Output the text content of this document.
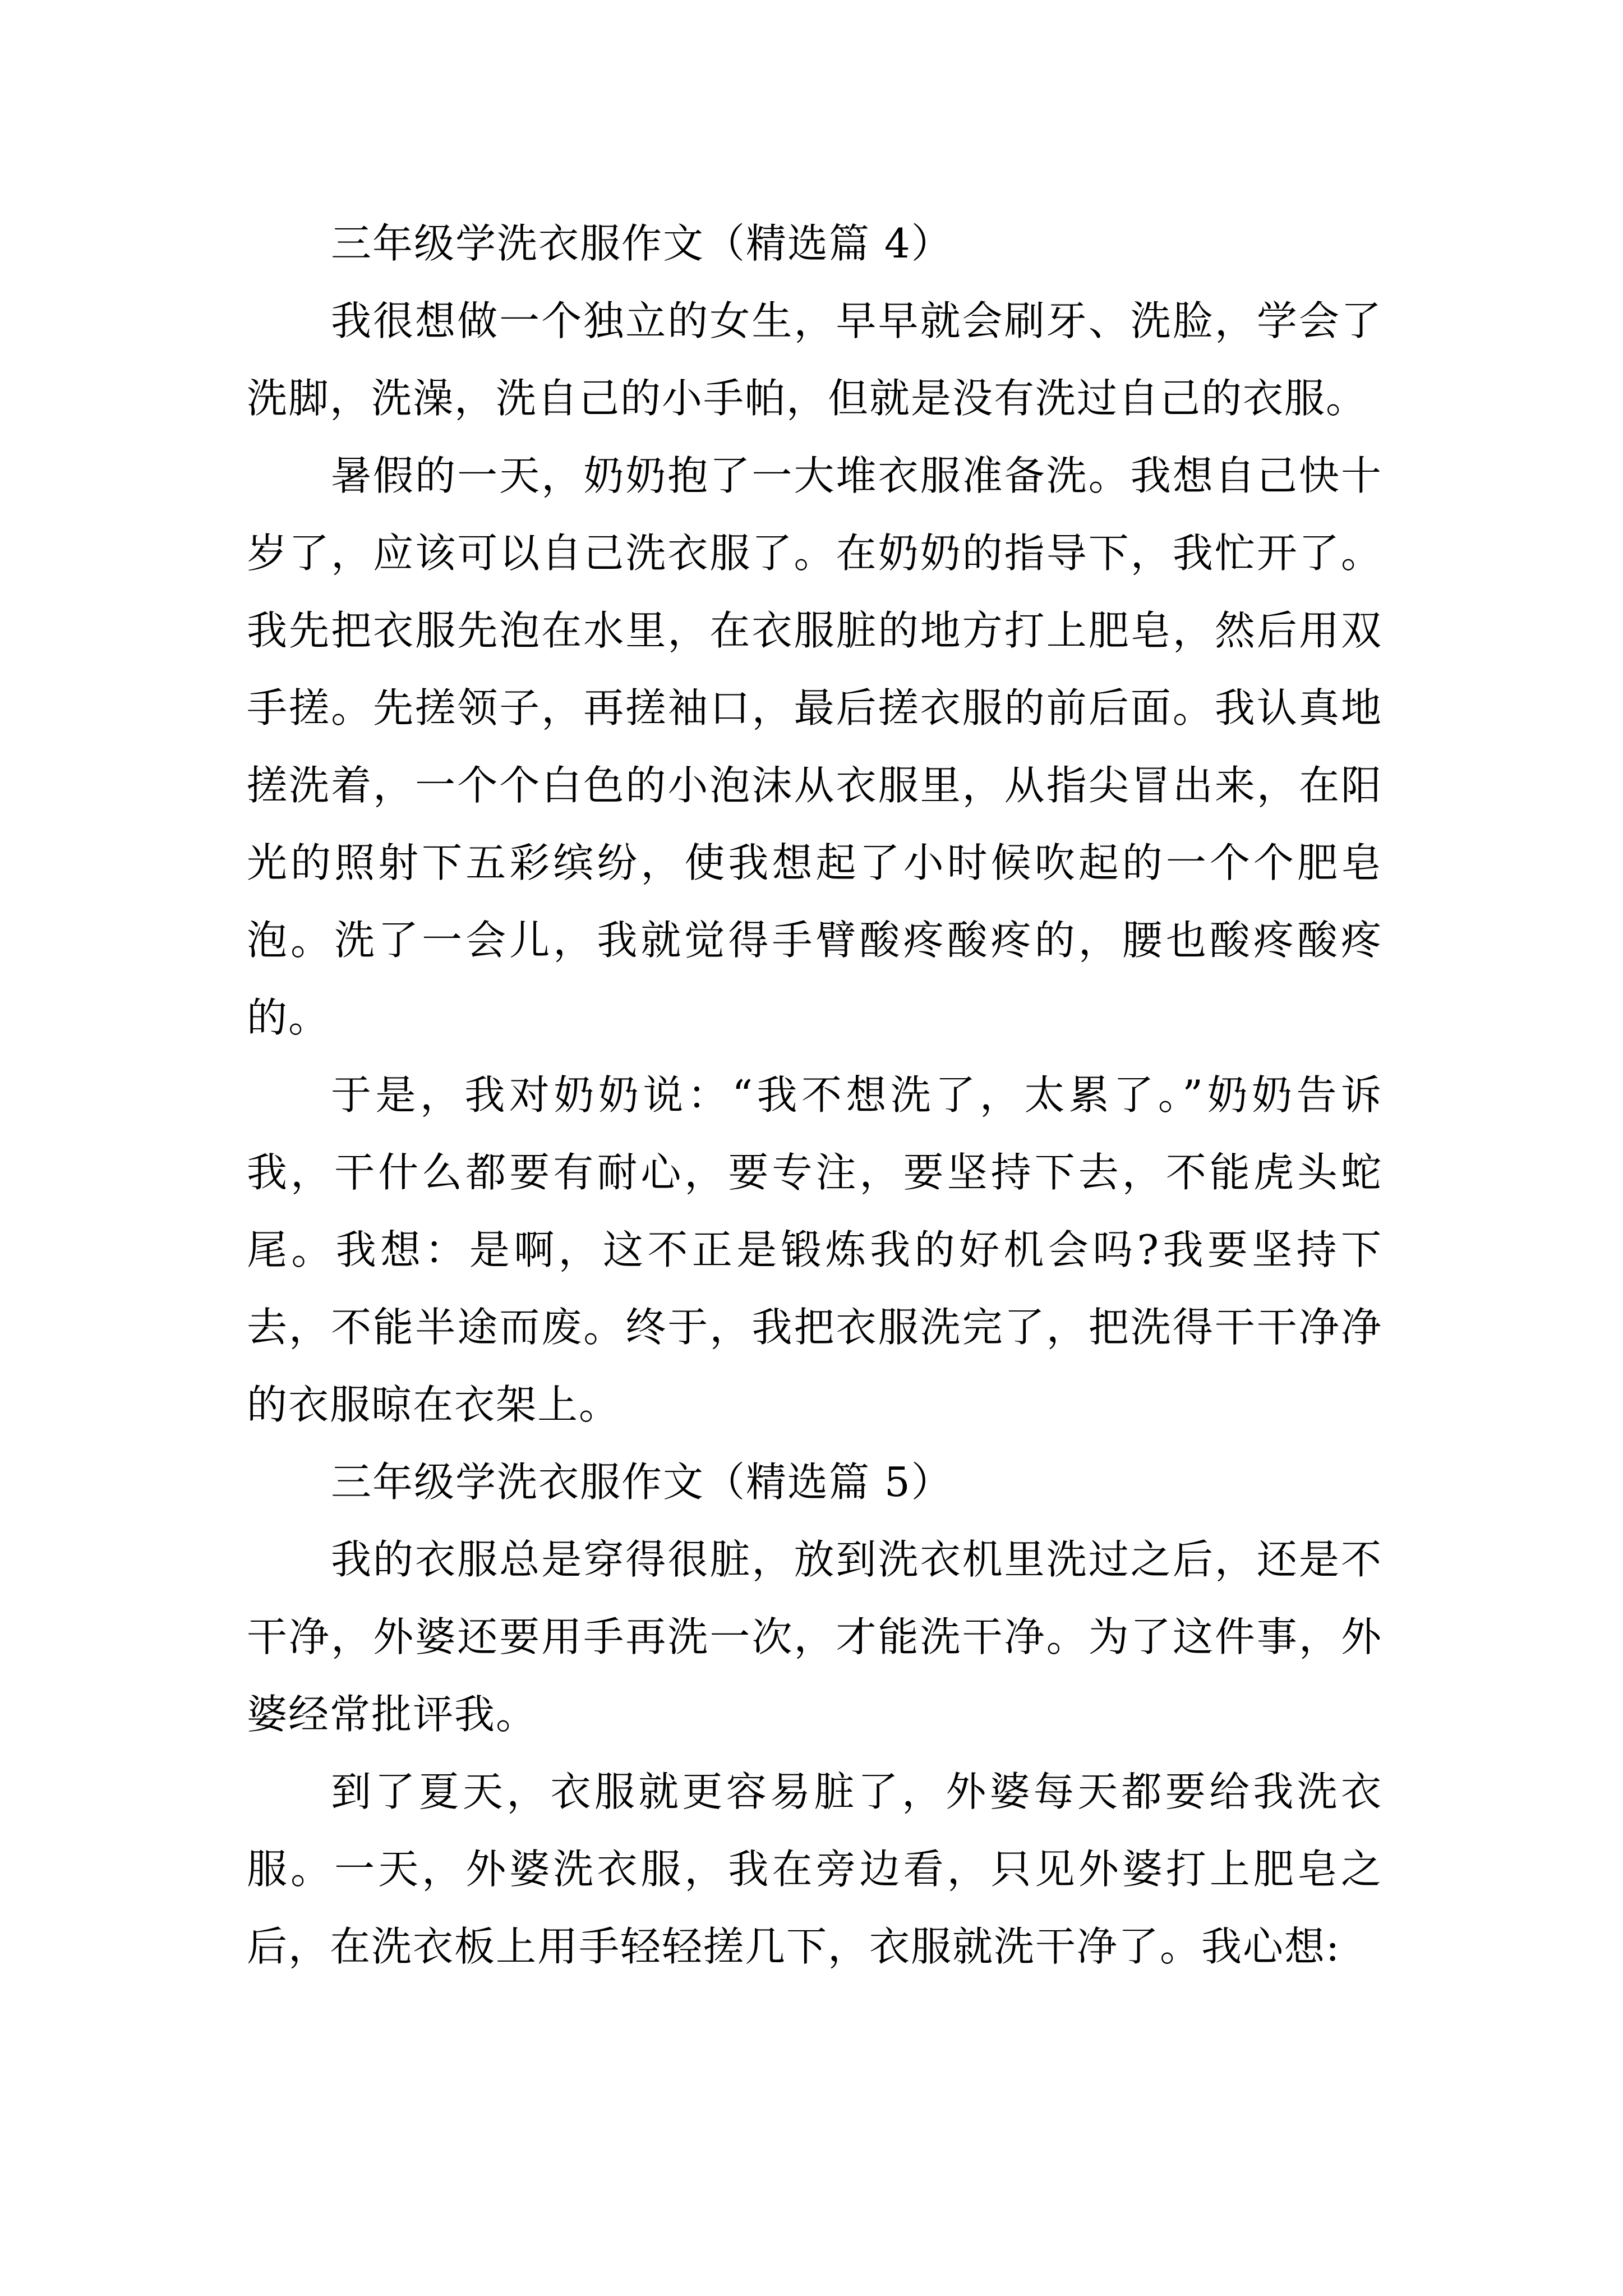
三年级学洗衣服作文（精选篇 4）

我很想做一个独立的女生，早早就会刷牙、洗脸，学会了洗脚，洗澡，洗自己的小手帕，但就是没有洗过自己的衣服。

暑假的一天，奶奶抱了一大堆衣服准备洗。我想自己快十岁了，应该可以自己洗衣服了。在奶奶的指导下，我忙开了。我先把衣服先泡在水里，在衣服脏的地方打上肥皂，然后用双手搓。先搓领子，再搓袖口，最后搓衣服的前后面。我认真地搓洗着，一个个白色的小泡沫从衣服里，从指尖冒出来，在阳光的照射下五彩缤纷，使我想起了小时候吹起的一个个肥皂泡。洗了一会儿，我就觉得手臂酸疼酸疼的，腰也酸疼酸疼的。

于是，我对奶奶说：“我不想洗了，太累了。”奶奶告诉我，干什么都要有耐心，要专注，要坚持下去，不能虎头蛇尾。我想：是啊，这不正是锻炼我的好机会吗?我要坚持下去，不能半途而废。终于，我把衣服洗完了，把洗得干干净净的衣服晾在衣架上。

三年级学洗衣服作文（精选篇 5）

我的衣服总是穿得很脏，放到洗衣机里洗过之后，还是不干净，外婆还要用手再洗一次，才能洗干净。为了这件事，外婆经常批评我。

到了夏天，衣服就更容易脏了，外婆每天都要给我洗衣服。一天，外婆洗衣服，我在旁边看，只见外婆打上肥皂之后，在洗衣板上用手轻轻搓几下，衣服就洗干净了。我心想:
